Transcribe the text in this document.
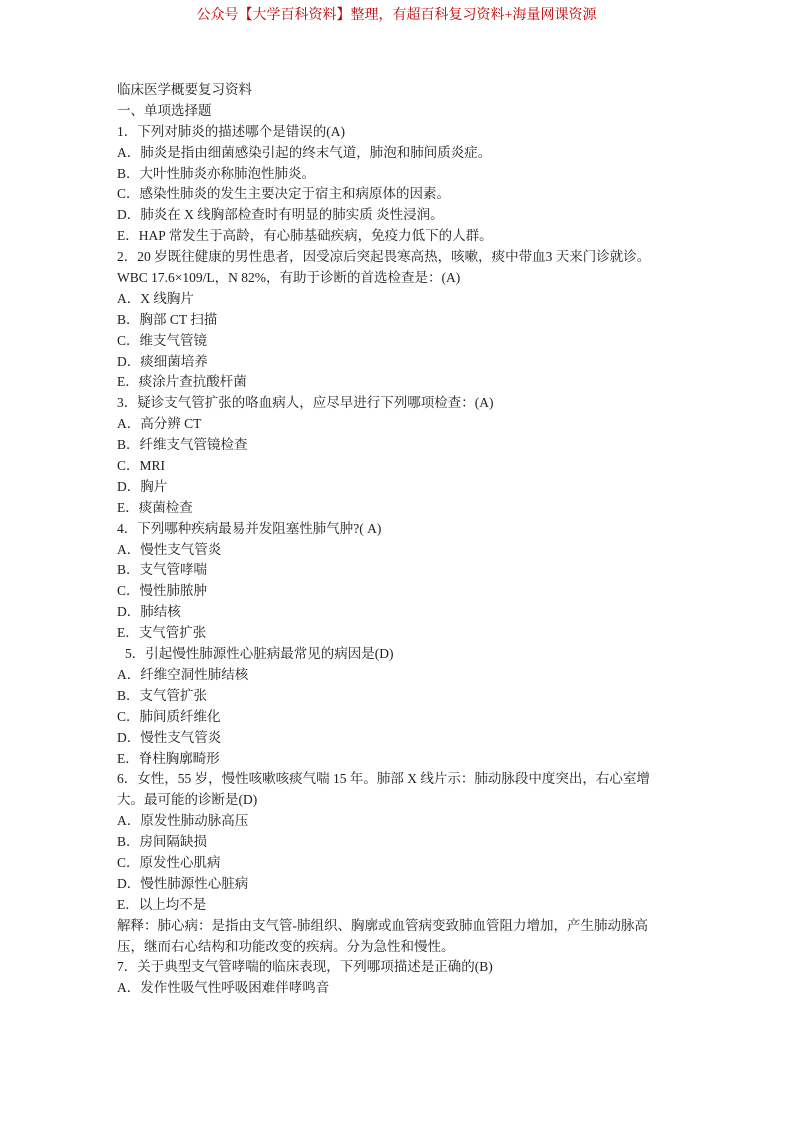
公众号【大学百科资料】整理，有超百科复习资料+海量网课资源
临床医学概要复习资料
一、单项选择题
1．下列对肺炎的描述哪个是错误的(A)
A．肺炎是指由细菌感染引起的终末气道，肺泡和肺间质炎症。
B．大叶性肺炎亦称肺泡性肺炎。
C．感染性肺炎的发生主要决定于宿主和病原体的因素。
D．肺炎在 X 线胸部检查时有明显的肺实质 炎性浸润。
E．HAP 常发生于高龄，有心肺基础疾病，免疫力低下的人群。
2．20 岁既往健康的男性患者，因受凉后突起畏寒高热，咳嗽，痰中带血3 天来门诊就诊。
WBC 17.6×109/L，N 82%，有助于诊断的首选检查是：(A)
A．X 线胸片
B．胸部 CT 扫描
C．维支气管镜
D．痰细菌培养
E．痰涂片查抗酸杆菌
3．疑诊支气管扩张的咯血病人，应尽早进行下列哪项检查：(A)
A．高分辨 CT
B．纤维支气管镜检查
C．MRI
D．胸片
E．痰菌检查
4．下列哪种疾病最易并发阻塞性肺气肿?( A)
A．慢性支气管炎
B．支气管哮喘
C．慢性肺脓肿
D．肺结核
E．支气管扩张
5．引起慢性肺源性心脏病最常见的病因是(D)
A．纤维空洞性肺结核
B．支气管扩张
C．肺间质纤维化
D．慢性支气管炎
E．脊柱胸廓畸形
6．女性，55 岁，慢性咳嗽咳痰气喘 15 年。肺部 X 线片示：肺动脉段中度突出，右心室增
大。最可能的诊断是(D)
A．原发性肺动脉高压
B．房间隔缺损
C．原发性心肌病
D．慢性肺源性心脏病
E．以上均不是
解释：肺心病：是指由支气管-肺组织、胸廓或血管病变致肺血管阻力增加，产生肺动脉高
压，继而右心结构和功能改变的疾病。分为急性和慢性。
7．关于典型支气管哮喘的临床表现，下列哪项描述是正确的(B)
A．发作性吸气性呼吸困难伴哮鸣音
